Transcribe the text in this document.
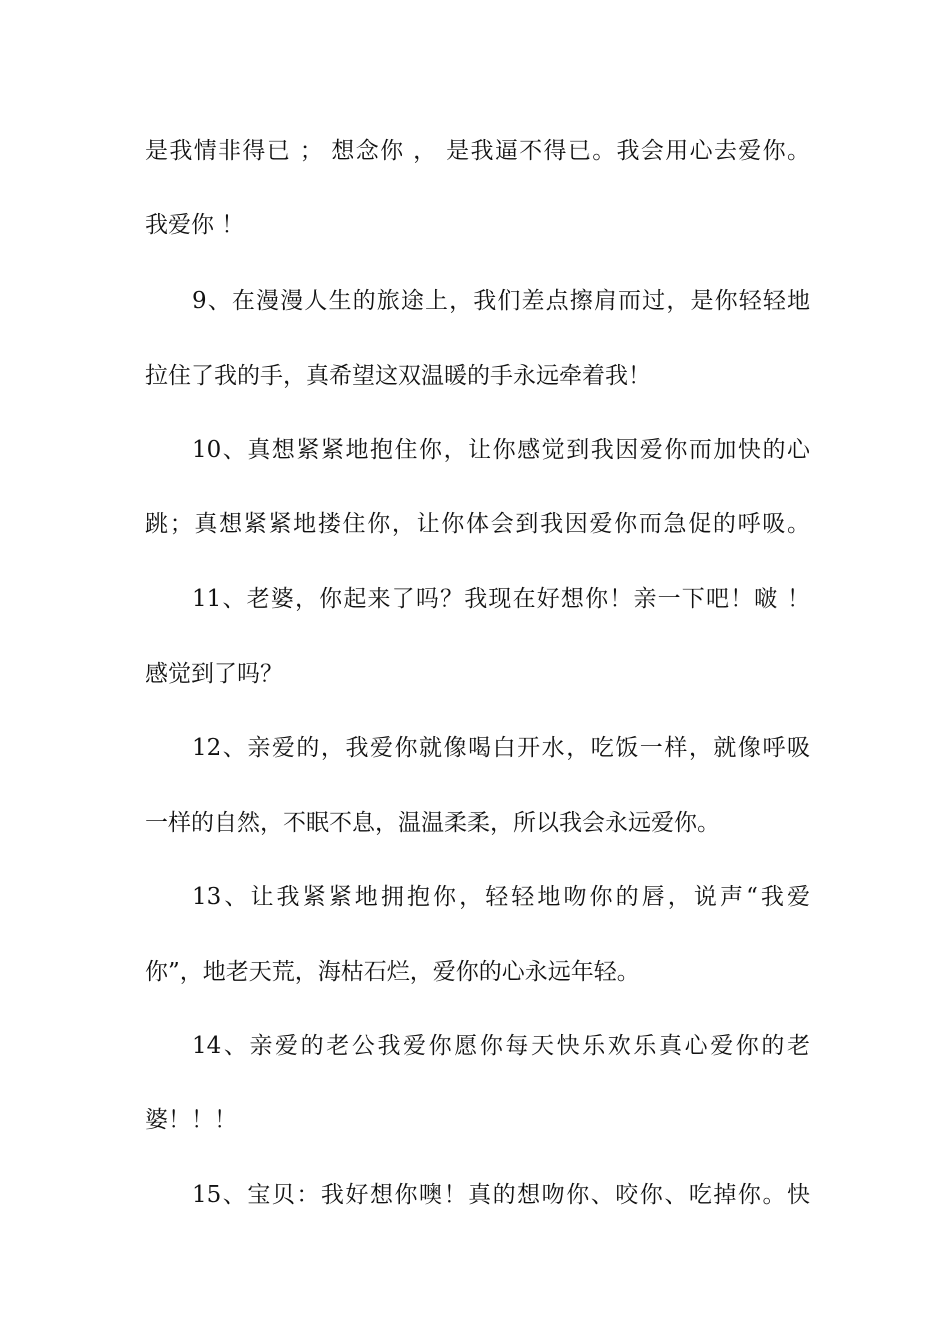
是我情非得已 ； 想念你 ， 是我逼不得已。我会用心去爱你。
我爱你 ！
9、在漫漫人生的旅途上，我们差点擦肩而过，是你轻轻地
拉住了我的手，真希望这双温暖的手永远牵着我！
10、真想紧紧地抱住你，让你感觉到我因爱你而加快的心
跳；真想紧紧地搂住你，让你体会到我因爱你而急促的呼吸。
11、老婆，你起来了吗？我现在好想你！亲一下吧！啵 ！
感觉到了吗？
12、亲爱的，我爱你就像喝白开水，吃饭一样，就像呼吸
一样的自然，不眠不息，温温柔柔，所以我会永远爱你。
13、让我紧紧地拥抱你，轻轻地吻你的唇，说声“我爱
你”，地老天荒，海枯石烂，爱你的心永远年轻。
14、亲爱的老公我爱你愿你每天快乐欢乐真心爱你的老
婆！！！
15、宝贝：我好想你噢！真的想吻你、咬你、吃掉你。快
